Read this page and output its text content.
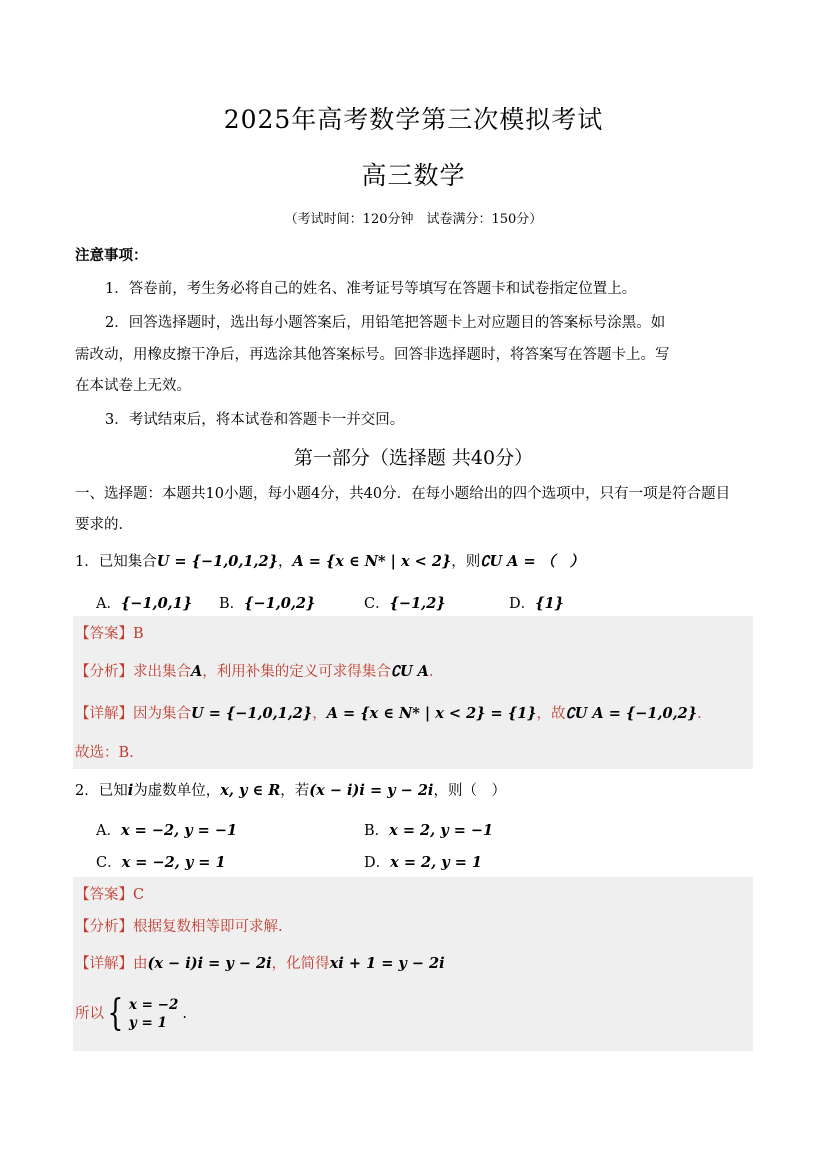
2025年高考数学第三次模拟考试
高三数学
（考试时间：120分钟　试卷满分：150分）
注意事项：
1．答卷前，考生务必将自己的姓名、准考证号等填写在答题卡和试卷指定位置上。
2．回答选择题时，选出每小题答案后，用铅笔把答题卡上对应题目的答案标号涂黑。如
需改动，用橡皮擦干净后，再选涂其他答案标号。回答非选择题时，将答案写在答题卡上。写
在本试卷上无效。
3．考试结束后，将本试卷和答题卡一并交回。
第一部分（选择题 共40分）
一、选择题：本题共10小题，每小题4分，共40分．在每小题给出的四个选项中，只有一项是符合题目
要求的．
1．已知集合U = {−1,0,1,2}，A = {x ∈ N* | x < 2}，则∁U A = （　）
A．{−1,0,1} B．{−1,0,2}	C．{−1,2}	D．{1}
【答案】B
【分析】求出集合A，利用补集的定义可求得集合∁U A．
【详解】因为集合U = {−1,0,1,2}，A = {x ∈ N* | x < 2} = {1}，故∁U A = {−1,0,2}．
故选：B.
2．已知i为虚数单位，x, y ∈ R，若(x − i)i = y − 2i，则（　）
A．x = −2, y = −1	B．x = 2, y = −1
C．x = −2, y = 1	D．x = 2, y = 1
【答案】C
【分析】根据复数相等即可求解.
【详解】由(x − i)i = y − 2i，化简得xi + 1 = y − 2i
所以 { x = −2
y = 1
.
